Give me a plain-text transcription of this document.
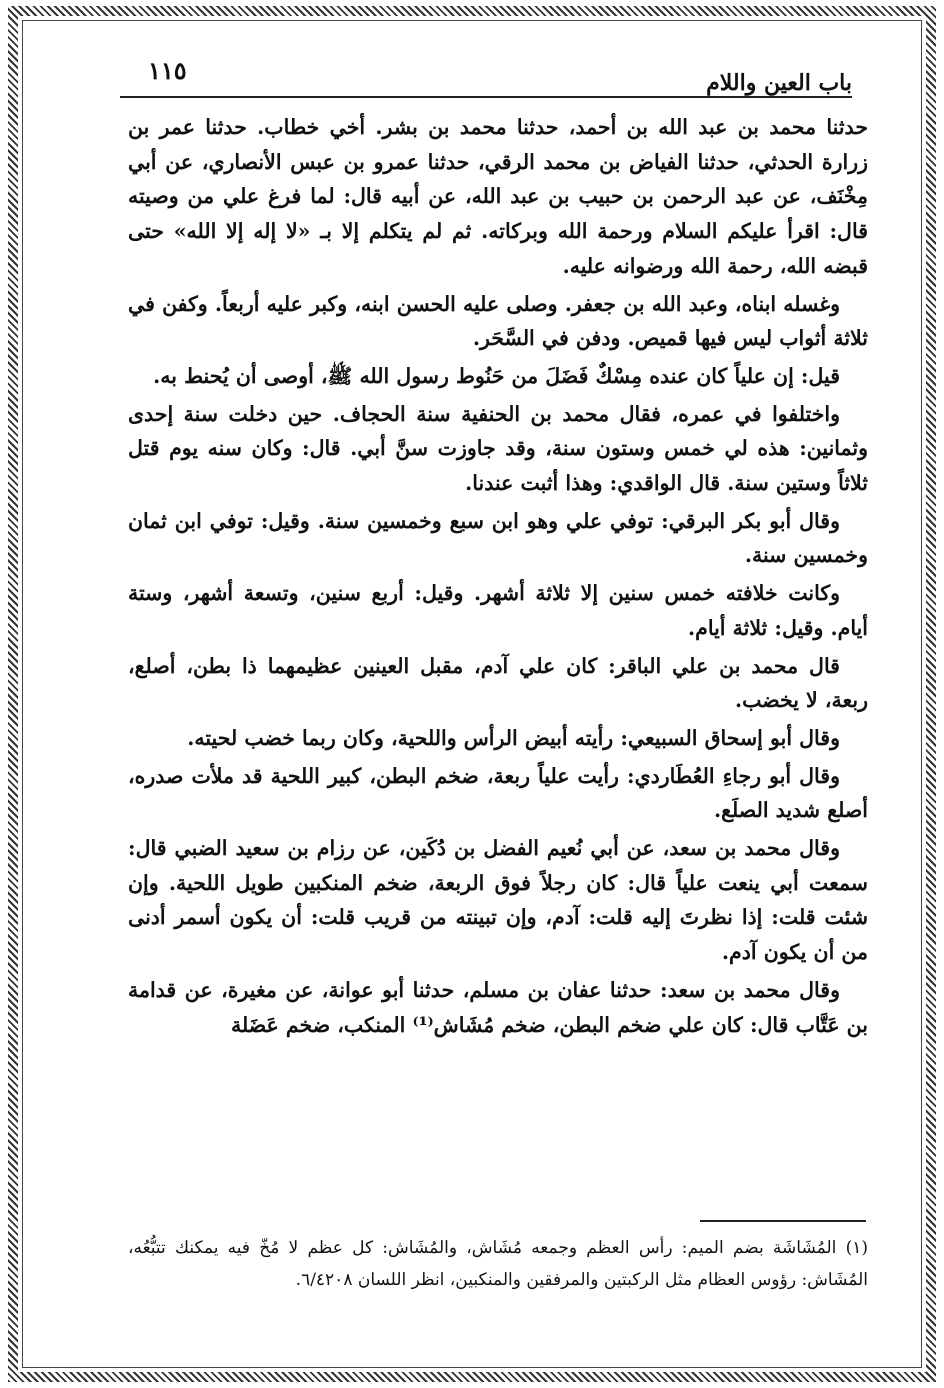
١١٥	باب العين واللام

حدثنا محمد بن عبد الله بن أحمد، حدثنا محمد بن بشر. أخي خطاب. حدثنا عمر بن زرارة الحدثي، حدثنا الفياض بن محمد الرقي، حدثنا عمرو بن عبس الأنصاري، عن أبي مِخْنَف، عن عبد الرحمن بن حبيب بن عبد الله، عن أبيه قال: لما فرغ علي من وصيته قال: اقرأ عليكم السلام ورحمة الله وبركاته. ثم لم يتكلم إلا بـ «لا إله إلا الله» حتى قبضه الله، رحمة الله ورضوانه عليه.

وغسله ابناه، وعبد الله بن جعفر. وصلى عليه الحسن ابنه، وكبر عليه أربعاً. وكفن في ثلاثة أثواب ليس فيها قميص. ودفن في السَّحَر.

قيل: إن علياً كان عنده مِسْكٌ فَضَلَ من حَنُوط رسول الله ﷺ، أوصى أن يُحنط به.

واختلفوا في عمره، فقال محمد بن الحنفية سنة الحجاف. حين دخلت سنة إحدى وثمانين: هذه لي خمس وستون سنة، وقد جاوزت سنَّ أبي. قال: وكان سنه يوم قتل ثلاثاً وستين سنة. قال الواقدي: وهذا أثبت عندنا.

وقال أبو بكر البرقي: توفي علي وهو ابن سبع وخمسين سنة. وقيل: توفي ابن ثمان وخمسين سنة.

وكانت خلافته خمس سنين إلا ثلاثة أشهر. وقيل: أربع سنين، وتسعة أشهر، وستة أيام. وقيل: ثلاثة أيام.

قال محمد بن علي الباقر: كان علي آدم، مقبل العينين عظيمهما ذا بطن، أصلع، ربعة، لا يخضب.

وقال أبو إسحاق السبيعي: رأيته أبيض الرأس واللحية، وكان ربما خضب لحيته.

وقال أبو رجاءِ العُطَاردي: رأيت علياً ربعة، ضخم البطن، كبير اللحية قد ملأت صدره، أصلع شديد الصلَع.

وقال محمد بن سعد، عن أبي نُعيم الفضل بن دُكَين، عن رزام بن سعيد الضبي قال: سمعت أبي ينعت علياً قال: كان رجلاً فوق الربعة، ضخم المنكبين طويل اللحية. وإن شئت قلت: إذا نظرتَ إليه قلت: آدم، وإن تبينته من قريب قلت: أن يكون أسمر أدنى من أن يكون آدم.

وقال محمد بن سعد: حدثنا عفان بن مسلم، حدثنا أبو عوانة، عن مغيرة، عن قدامة بن عَتَّاب قال: كان علي ضخم البطن، ضخم مُشَاش⁽¹⁾ المنكب، ضخم عَضَلة

(١) المُشَاشَة بضم الميم: رأس العظم وجمعه مُشَاش، والمُشَاش: كل عظم لا مُخّ فيه يمكنك تتبُّعُه، المُشَاش: رؤوس العظام مثل الركبتين والمرفقين والمنكبين، انظر اللسان ٦/٤٢٠٨.
